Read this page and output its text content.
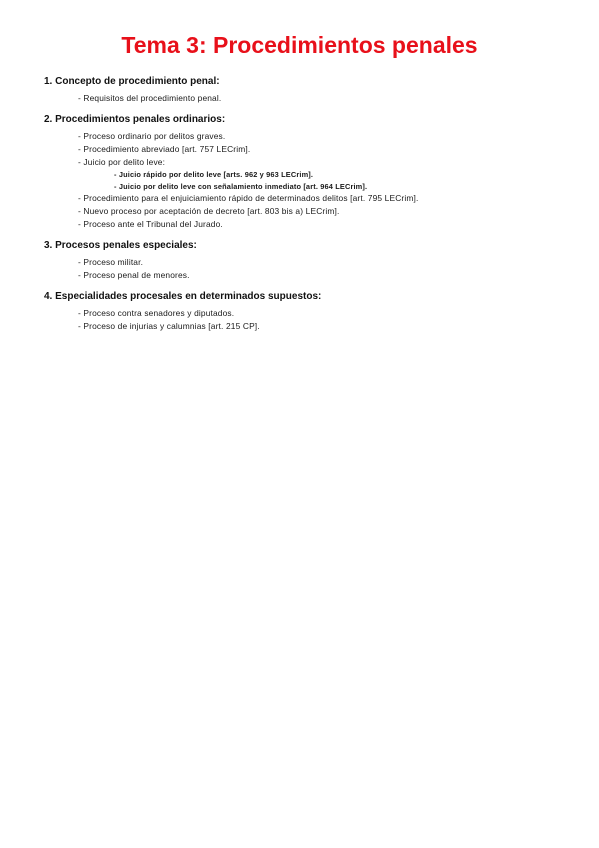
Tema 3: Procedimientos penales
1. Concepto de procedimiento penal:
- Requisitos del procedimiento penal.
2. Procedimientos penales ordinarios:
- Proceso ordinario por delitos graves.
- Procedimiento abreviado [art. 757 LECrim].
- Juicio por delito leve:
- Juicio rápido por delito leve [arts. 962 y 963 LECrim].
- Juicio por delito leve con señalamiento inmediato [art. 964 LECrim].
- Procedimiento para el enjuiciamiento rápido de determinados delitos [art. 795 LECrim].
- Nuevo proceso por aceptación de decreto [art. 803 bis a) LECrim].
- Proceso ante el Tribunal del Jurado.
3. Procesos penales especiales:
- Proceso militar.
- Proceso penal de menores.
4. Especialidades procesales en determinados supuestos:
- Proceso contra senadores y diputados.
- Proceso de injurias y calumnias [art. 215 CP].
